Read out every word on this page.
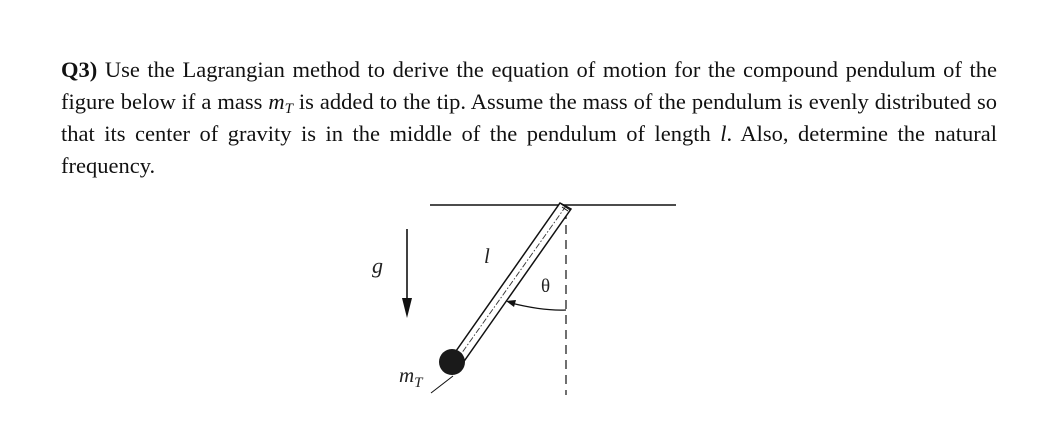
Q3) Use the Lagrangian method to derive the equation of motion for the compound pendulum of the figure below if a mass $m_T$ is added to the tip. Assume the mass of the pendulum is evenly distributed so that its center of gravity is in the middle of the pendulum of length l. Also, determine the natural frequency.

g	l
θ
$m_T$
